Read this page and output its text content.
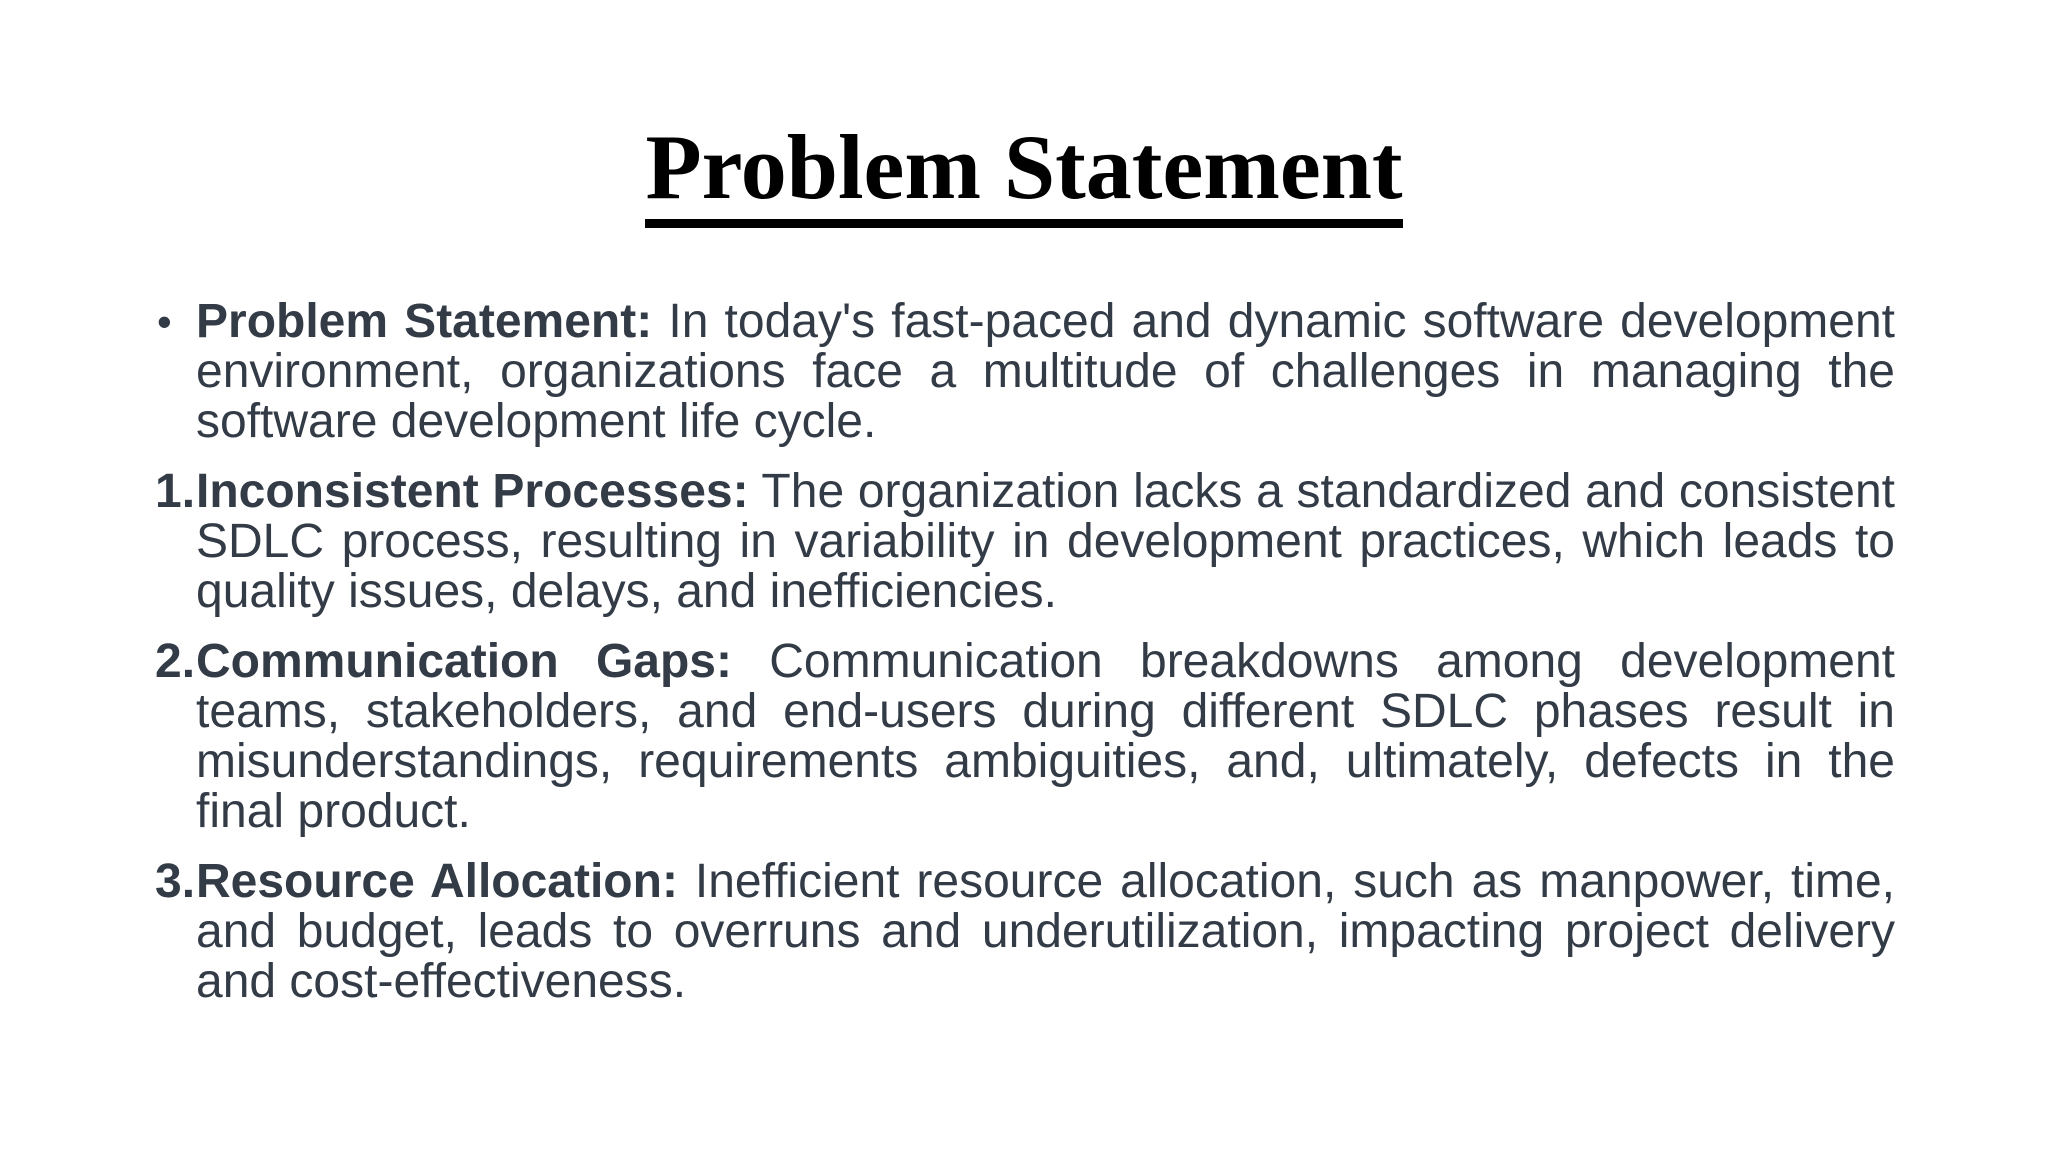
Problem Statement
• Problem Statement: In today's fast-paced and dynamic software development environment, organizations face a multitude of challenges in managing the software development life cycle.
1. Inconsistent Processes: The organization lacks a standardized and consistent SDLC process, resulting in variability in development practices, which leads to quality issues, delays, and inefficiencies.
2. Communication Gaps: Communication breakdowns among development teams, stakeholders, and end-users during different SDLC phases result in misunderstandings, requirements ambiguities, and, ultimately, defects in the final product.
3. Resource Allocation: Inefficient resource allocation, such as manpower, time, and budget, leads to overruns and underutilization, impacting project delivery and cost-effectiveness.
